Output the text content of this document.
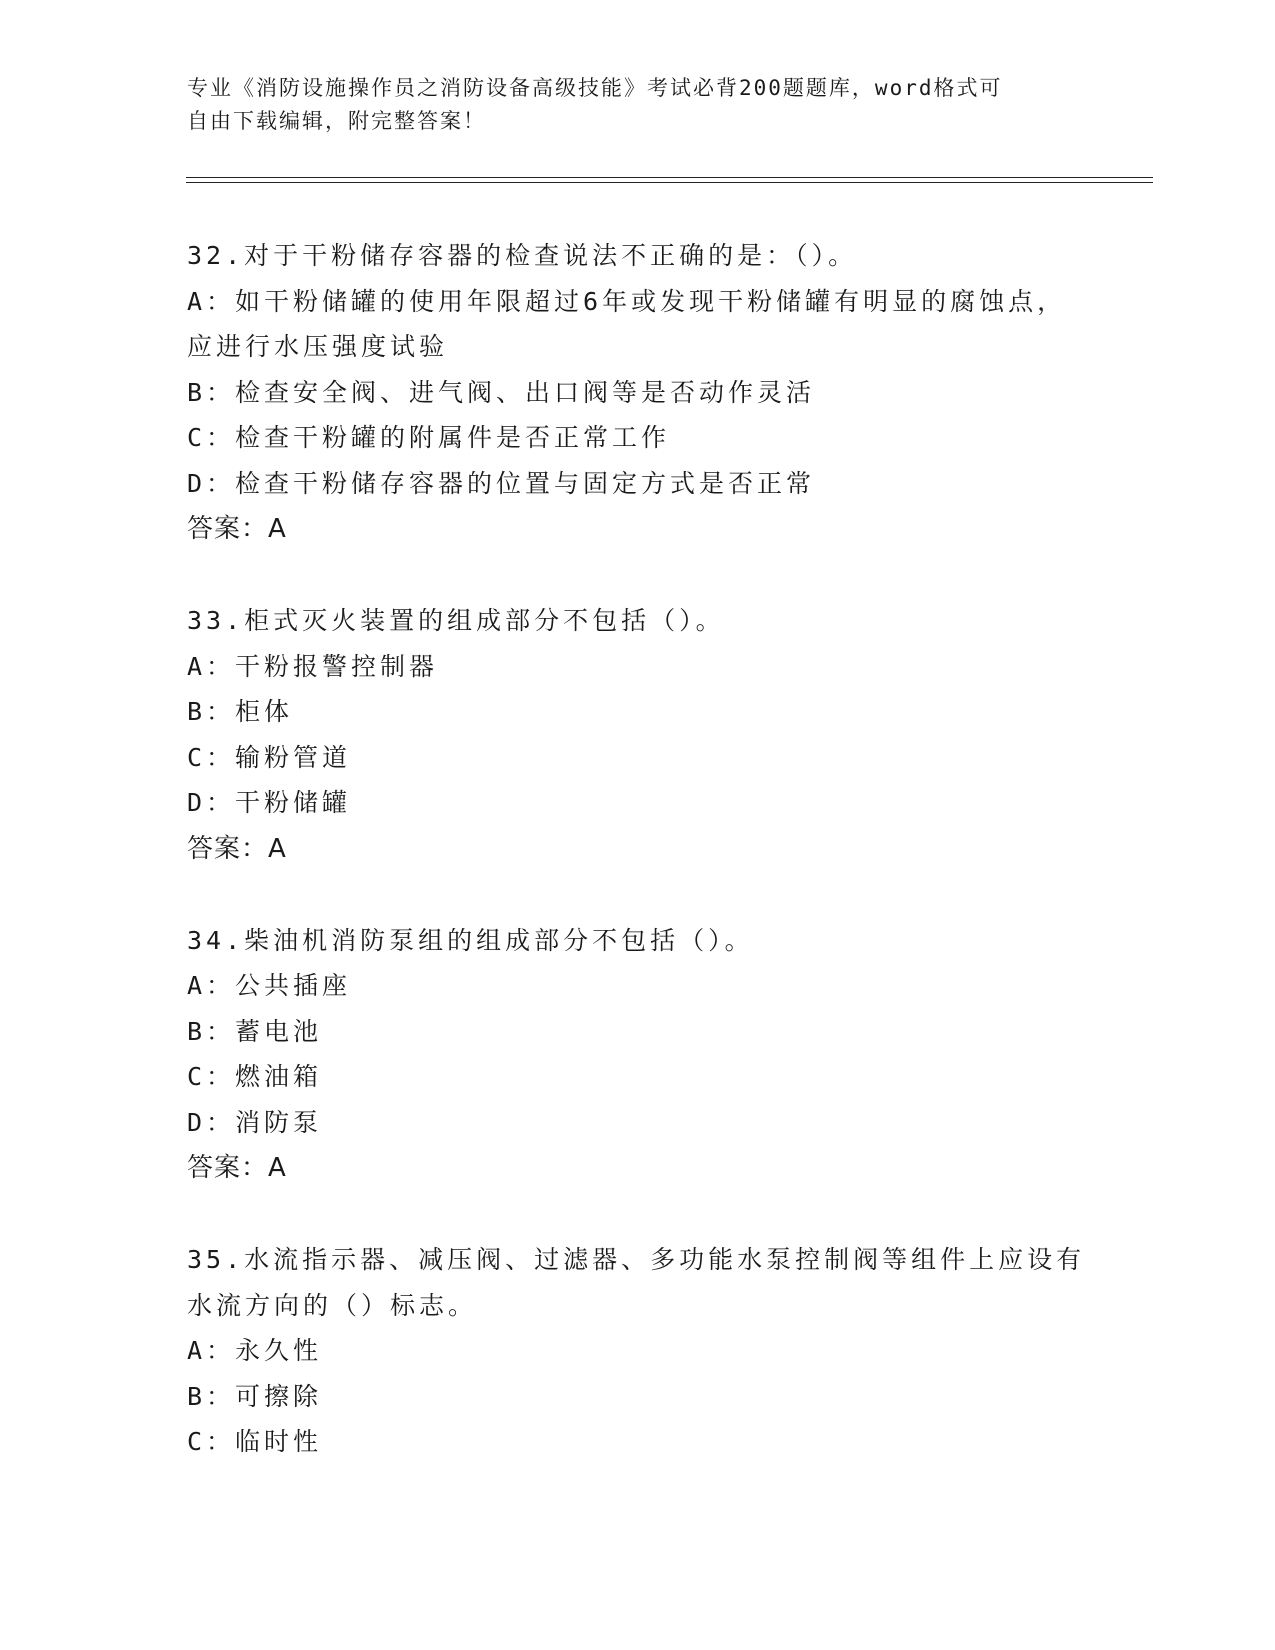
专业《消防设施操作员之消防设备高级技能》考试必背200题题库，word格式可
自由下载编辑，附完整答案！
32.对于干粉储存容器的检查说法不正确的是：（）。
A：如干粉储罐的使用年限超过6年或发现干粉储罐有明显的腐蚀点，
应进行水压强度试验
B：检查安全阀、进气阀、出口阀等是否动作灵活
C：检查干粉罐的附属件是否正常工作
D：检查干粉储存容器的位置与固定方式是否正常
答案：A
33.柜式灭火装置的组成部分不包括（）。
A：干粉报警控制器
B：柜体
C：输粉管道
D：干粉储罐
答案：A
34.柴油机消防泵组的组成部分不包括（）。
A：公共插座
B：蓄电池
C：燃油箱
D：消防泵
答案：A
35.水流指示器、减压阀、过滤器、多功能水泵控制阀等组件上应设有
水流方向的（）标志。
A：永久性
B：可擦除
C：临时性
